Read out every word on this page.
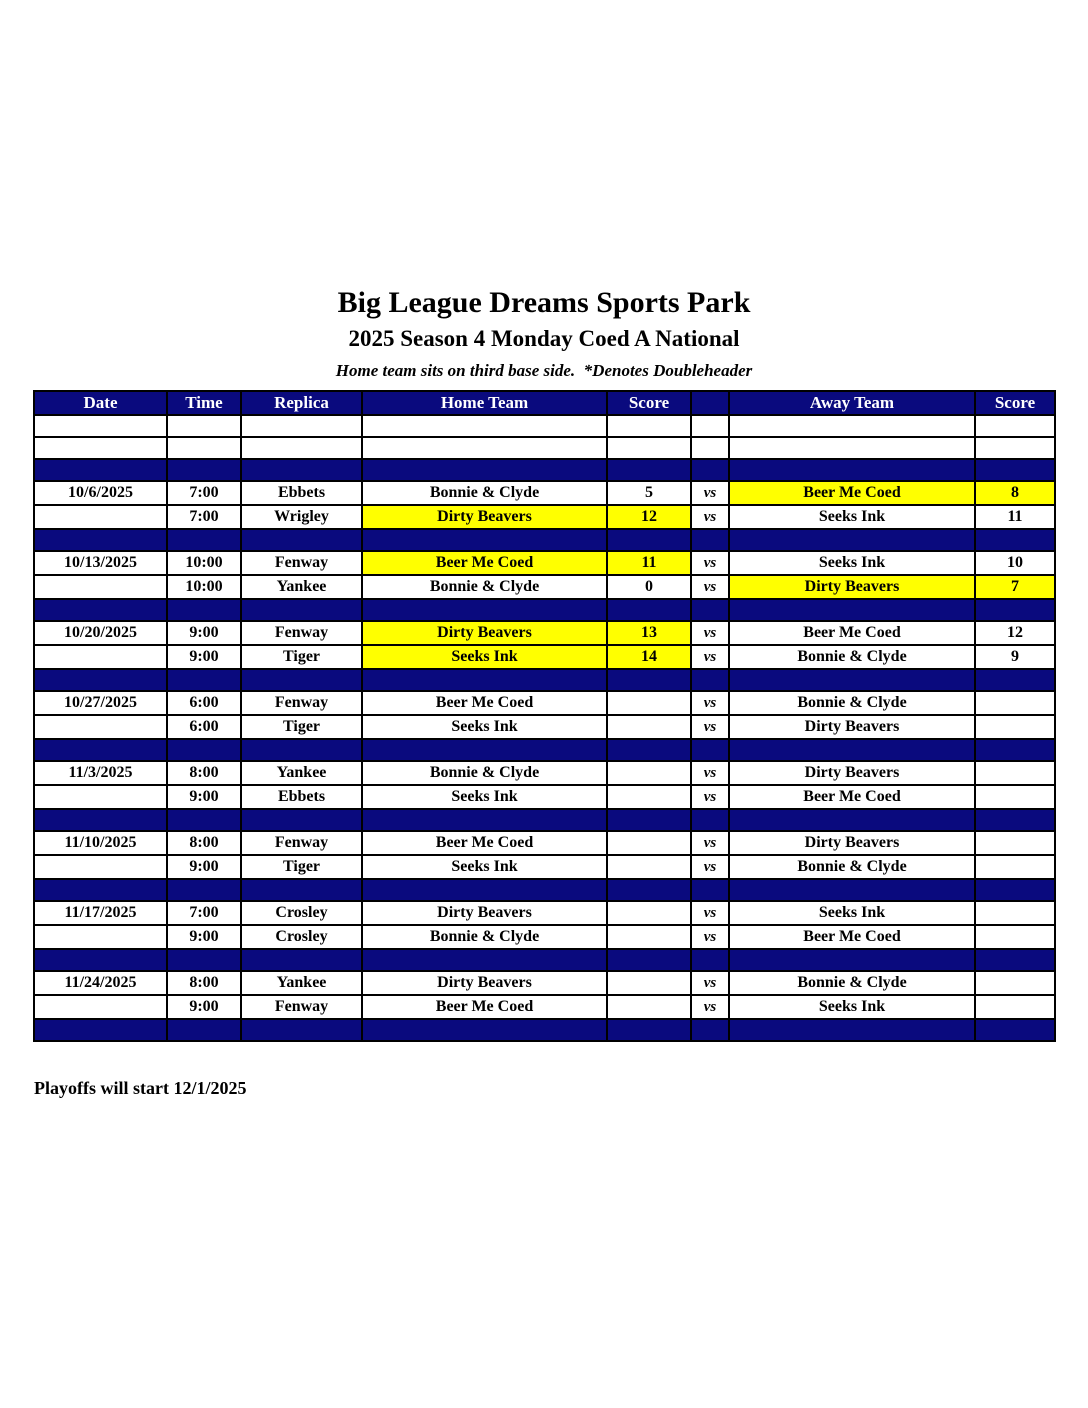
Big League Dreams Sports Park
2025 Season 4 Monday Coed A National
Home team sits on third base side.  *Denotes Doubleheader
Date	Time	Replica	Home Team	Score		Away Team	Score

10/6/2025	7:00	Ebbets	Bonnie & Clyde	5	vs	Beer Me Coed	8
	7:00	Wrigley	Dirty Beavers	12	vs	Seeks Ink	11

10/13/2025	10:00	Fenway	Beer Me Coed	11	vs	Seeks Ink	10
	10:00	Yankee	Bonnie & Clyde	0	vs	Dirty Beavers	7

10/20/2025	9:00	Fenway	Dirty Beavers	13	vs	Beer Me Coed	12
	9:00	Tiger	Seeks Ink	14	vs	Bonnie & Clyde	9

10/27/2025	6:00	Fenway	Beer Me Coed		vs	Bonnie & Clyde	
	6:00	Tiger	Seeks Ink		vs	Dirty Beavers	

11/3/2025	8:00	Yankee	Bonnie & Clyde		vs	Dirty Beavers	
	9:00	Ebbets	Seeks Ink		vs	Beer Me Coed	

11/10/2025	8:00	Fenway	Beer Me Coed		vs	Dirty Beavers	
	9:00	Tiger	Seeks Ink		vs	Bonnie & Clyde	

11/17/2025	7:00	Crosley	Dirty Beavers		vs	Seeks Ink	
	9:00	Crosley	Bonnie & Clyde		vs	Beer Me Coed	

11/24/2025	8:00	Yankee	Dirty Beavers		vs	Bonnie & Clyde	
	9:00	Fenway	Beer Me Coed		vs	Seeks Ink	

Playoffs will start 12/1/2025
